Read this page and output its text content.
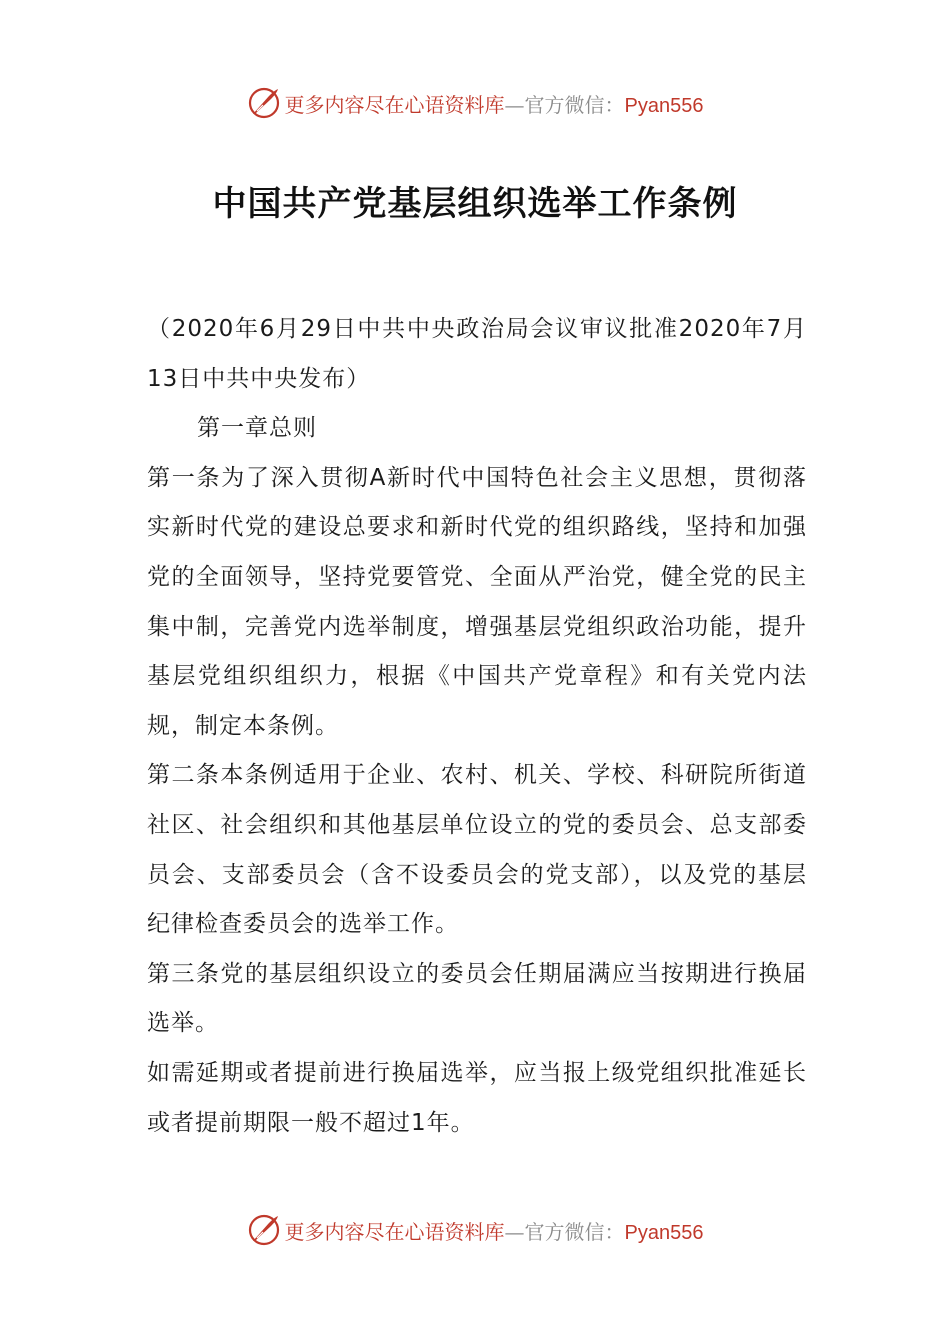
更多内容尽在心语资料库—官方微信：Pyan556
中国共产党基层组织选举工作条例

（2020年6月29日中共中央政治局会议审议批准2020年7月13日中共中央发布）

第一章总则

第一条为了深入贯彻A新时代中国特色社会主义思想，贯彻落实新时代党的建设总要求和新时代党的组织路线，坚持和加强党的全面领导，坚持党要管党、全面从严治党，健全党的民主集中制，完善党内选举制度，增强基层党组织政治功能，提升基层党组织组织力，根据《中国共产党章程》和有关党内法规，制定本条例。

第二条本条例适用于企业、农村、机关、学校、科研院所街道社区、社会组织和其他基层单位设立的党的委员会、总支部委员会、支部委员会（含不设委员会的党支部），以及党的基层纪律检查委员会的选举工作。

第三条党的基层组织设立的委员会任期届满应当按期进行换届选举。

如需延期或者提前进行换届选举，应当报上级党组织批准延长或者提前期限一般不超过1年。

更多内容尽在心语资料库—官方微信：Pyan556
